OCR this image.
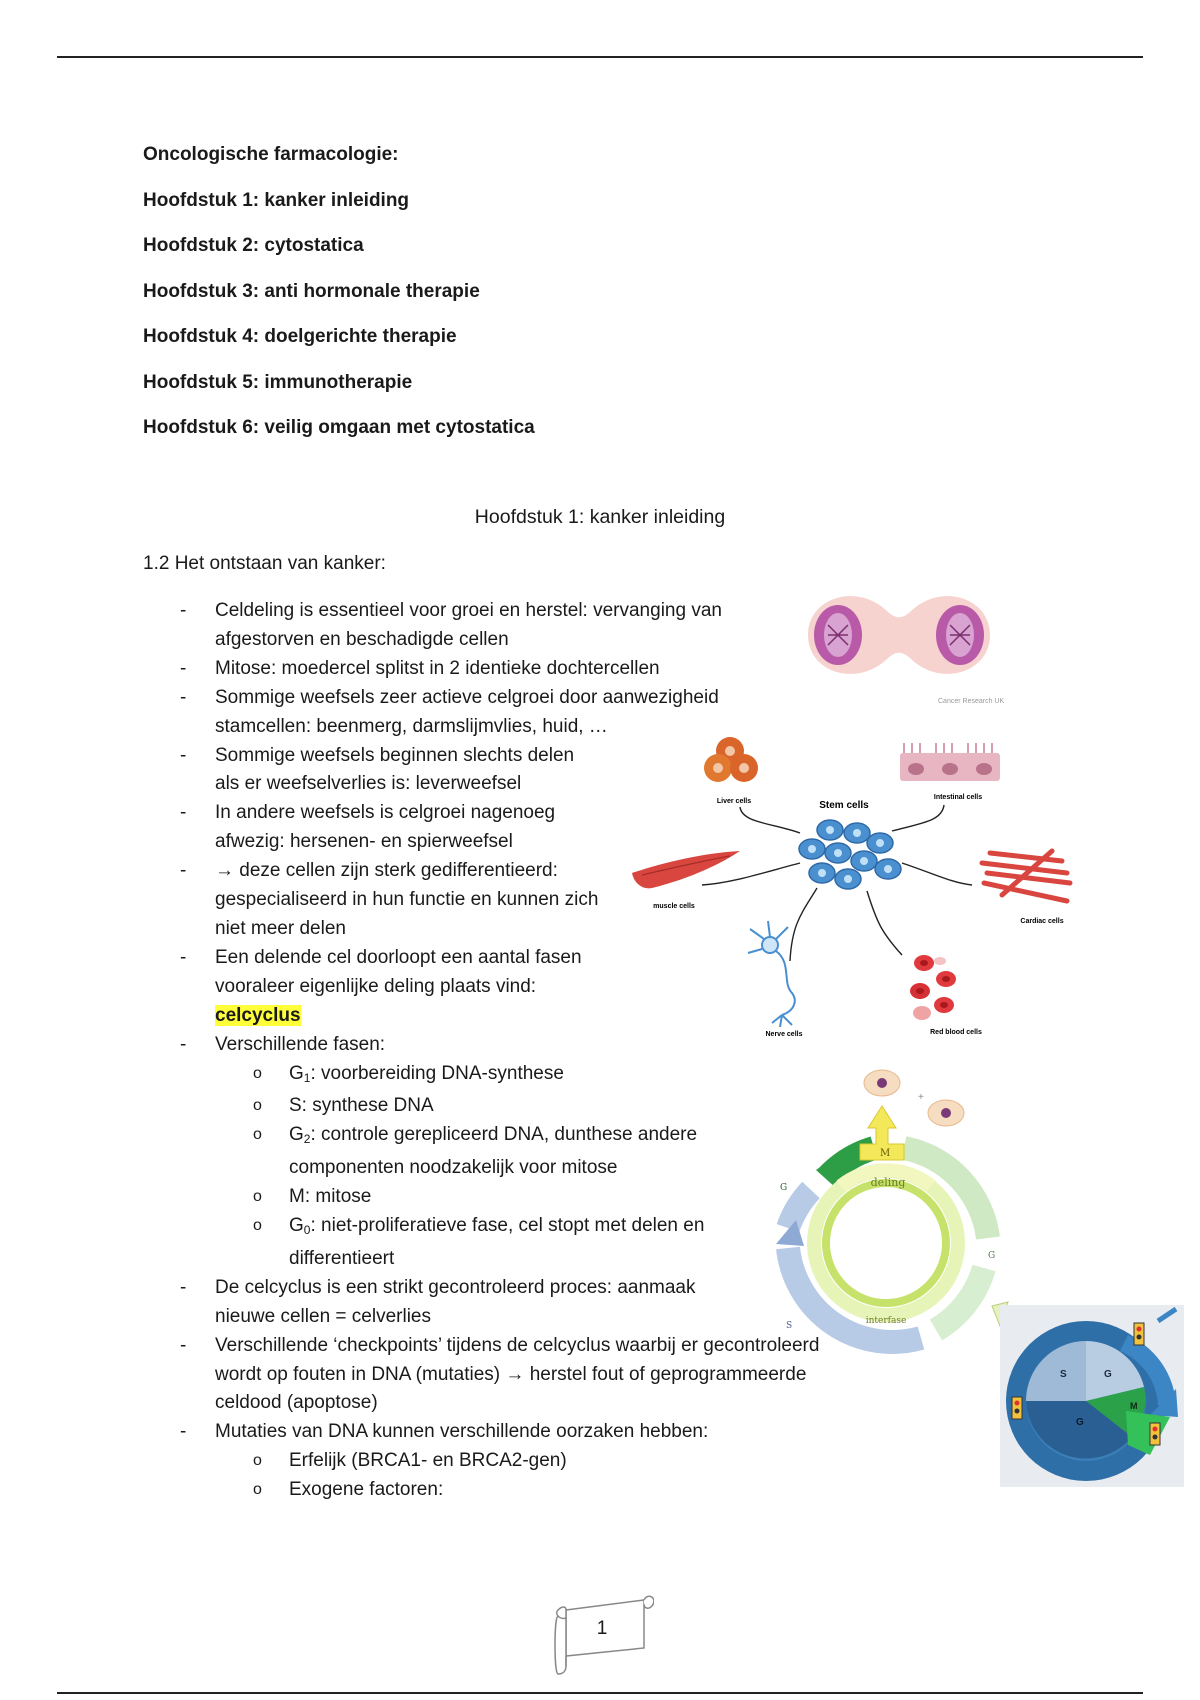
Oncologische farmacologie:
Hoofdstuk 1: kanker inleiding
Hoofdstuk 2: cytostatica
Hoofdstuk 3: anti hormonale therapie
Hoofdstuk 4: doelgerichte therapie
Hoofdstuk 5: immunotherapie
Hoofdstuk 6: veilig omgaan met cytostatica
Hoofdstuk 1: kanker inleiding
1.2 Het ontstaan van kanker:
- Celdeling is essentieel voor groei en herstel: vervanging van afgestorven en beschadigde cellen
- Mitose: moedercel splitst in 2 identieke dochtercellen
- Sommige weefsels zeer actieve celgroei door aanwezigheid stamcellen: beenmerg, darmslijmvlies, huid, …
- Sommige weefsels beginnen slechts delen als er weefselverlies is: leverweefsel
- In andere weefsels is celgroei nagenoeg afwezig: hersenen- en spierweefsel
- → deze cellen zijn sterk gedifferentieerd: gespecialiseerd in hun functie en kunnen zich niet meer delen
- Een delende cel doorloopt een aantal fasen vooraleer eigenlijke deling plaats vind: celcyclus
- Verschillende fasen:
o $G_1$: voorbereiding DNA-synthese
o S: synthese DNA
o $G_2$: controle gerepliceerd DNA, dunthese andere componenten noodzakelijk voor mitose
o M: mitose
o $G_0$: niet-proliferatieve fase, cel stopt met delen en differentieert
- De celcyclus is een strikt gecontroleerd proces: aanmaak nieuwe cellen = celverlies
- Verschillende ‘checkpoints’ tijdens de celcyclus waarbij er gecontroleerd wordt op fouten in DNA (mutaties) → herstel fout of geprogrammeerde celdood (apoptose)
- Mutaties van DNA kunnen verschillende oorzaken hebben:
o Erfelijk (BRCA1- en BRCA2-gen)
o Exogene factoren:
Cancer Research UK
Liver cells
Intestinal cells
Stem cells
muscle cells
Cardiac cells
Nerve cells	Red blood cells
+
M
deling
interfase
G
G
S
S	G
G
M
1
